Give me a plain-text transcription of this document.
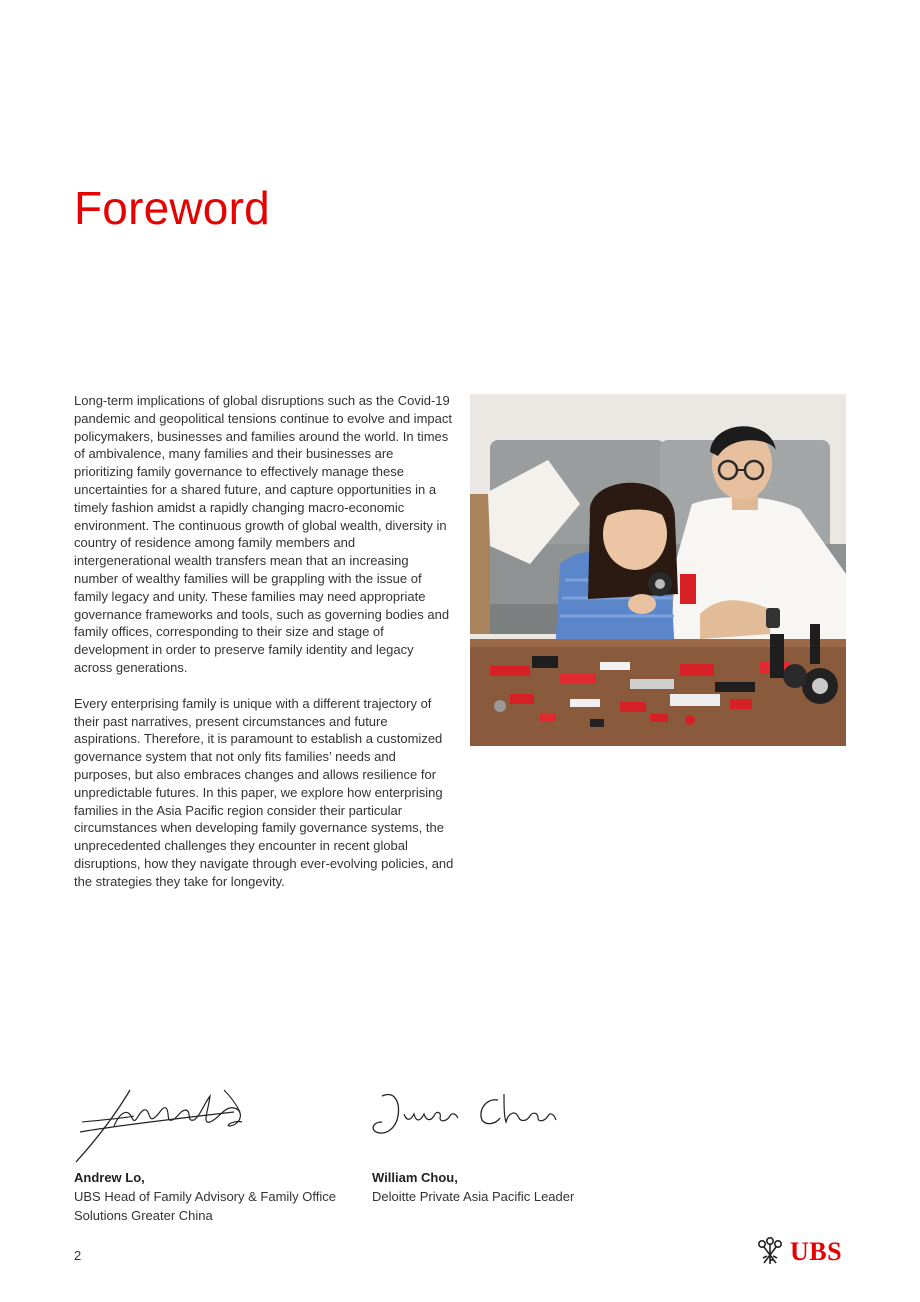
Foreword

Long-term implications of global disruptions such as the Covid-19 pandemic and geopolitical tensions continue to evolve and impact policymakers, businesses and families around the world. In times of ambivalence, many families and their businesses are prioritizing family governance to effectively manage these uncertainties for a shared future, and capture opportunities in a timely fashion amidst a rapidly changing macro-economic environment. The continuous growth of global wealth, diversity in country of residence among family members and intergenerational wealth transfers mean that an increasing number of wealthy families will be grappling with the issue of family legacy and unity. These families may need appropriate governance frameworks and tools, such as governing bodies and family offices, corresponding to their size and stage of development in order to preserve family identity and legacy across generations.

Every enterprising family is unique with a different trajectory of their past narratives, present circumstances and future aspirations. Therefore, it is paramount to establish a customized governance system that not only fits families’ needs and purposes, but also embraces changes and allows resilience for unpredictable futures. In this paper, we explore how enterprising families in the Asia Pacific region consider their particular circumstances when developing family governance systems, the unprecedented challenges they encounter in recent global disruptions, how they navigate through ever-evolving policies, and the strategies they take for longevity.

Andrew Lo,
UBS Head of Family Advisory & Family Office Solutions Greater China
William Chou,
Deloitte Private Asia Pacific Leader
2	UBS
